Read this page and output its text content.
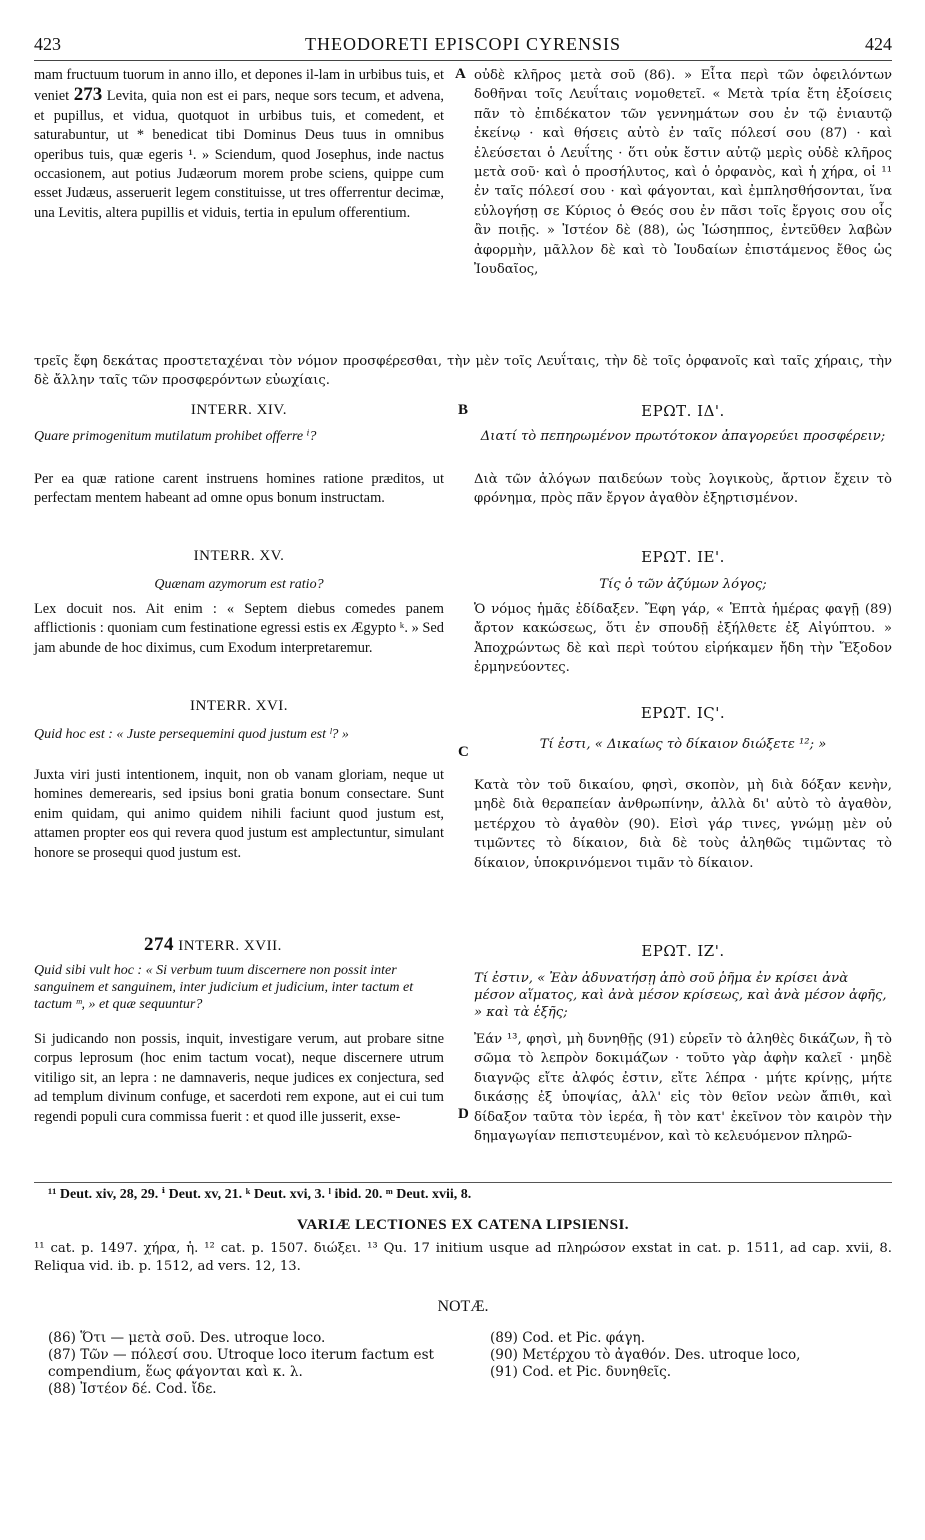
423	THEODORETI EPISCOPI CYRENSIS	424
mam fructuum tuorum in anno illo, et depones il-lam in urbibus tuis, et veniet 273 Levita, quia non est ei pars, neque sors tecum, et advena, et pupillus, et vidua, quotquot in urbibus tuis, et comedent, et saturabuntur, ut * benedicat tibi Dominus Deus tuus in omnibus operibus tuis, quæ egeris ¹. » Sciendum, quod Josephus, inde nactus occasionem, aut potius Judæorum morem probe sciens, quippe cum esset Judæus, asseruerit legem constituisse, ut tres offerrentur decimæ, una Levitis, altera pupillis et viduis, tertia in epulum offerentium.
A οὐδὲ κλῆρος μετὰ σοῦ (86). » Εἶτα περὶ τῶν ὀφειλόντων δοθῆναι τοῖς Λευΐταις νομοθετεῖ. « Μετὰ τρία ἔτη ἐξοίσεις πᾶν τὸ ἐπιδέκατον τῶν γεννημάτων σου ἐν τῷ ἐνιαυτῷ ἐκείνῳ · καὶ θήσεις αὐτὸ ἐν ταῖς πόλεσί σου (87) · καὶ ἐλεύσεται ὁ Λευΐτης · ὅτι οὐκ ἔστιν αὐτῷ μερὶς οὐδὲ κλῆρος μετὰ σοῦ· καὶ ὁ προσήλυτος, καὶ ὁ ὀρφανὸς, καὶ ἡ χήρα, οἱ ¹¹ ἐν ταῖς πόλεσί σου · καὶ φάγονται, καὶ ἐμπλησθήσονται, ἵνα εὐλογήσῃ σε Κύριος ὁ Θεός σου ἐν πᾶσι τοῖς ἔργοις σου οἷς ἂν ποιῇς. » Ἰστέον δὲ (88), ὡς Ἰώσηππος, ἐντεῦθεν λαβὼν ἀφορμὴν, μᾶλλον δὲ καὶ τὸ Ἰουδαίων ἐπιστάμενος ἔθος ὡς Ἰουδαῖος,
τρεῖς ἔφη δεκάτας προστεταχέναι τὸν νόμον προσφέρεσθαι, τὴν μὲν τοῖς Λευΐταις, τὴν δὲ τοῖς ὀρφανοῖς καὶ ταῖς χήραις, τὴν δὲ ἄλλην ταῖς τῶν προσφερόντων εὐωχίαις.
INTERR. XIV.	B	ΕΡΩΤ. ΙΔ'.
Quare primogenitum mutilatum prohibet offerre ⁱ?	Διατί τὸ πεπηρωμένον πρωτότοκον ἀπαγορεύει προσφέρειν;
Per ea quæ ratione carent instruens homines ratione præditos, ut perfectam mentem habeant ad omne opus bonum instructam.
Διὰ τῶν ἀλόγων παιδεύων τοὺς λογικοὺς, ἄρτιον ἔχειν τὸ φρόνημα, πρὸς πᾶν ἔργον ἀγαθὸν ἐξηρτισμένον.
INTERR. XV.	ΕΡΩΤ. ΙΕ'.
Quænam azymorum est ratio?	Τίς ὁ τῶν ἀζύμων λόγος;
Lex docuit nos. Ait enim : « Septem diebus comedes panem afflictionis : quoniam cum festinatione egressi estis ex Ægypto ᵏ. » Sed jam abunde de hoc diximus, cum Exodum interpretaremur.
Ὁ νόμος ἡμᾶς ἐδίδαξεν. Ἔφη γάρ, « Ἑπτὰ ἡμέρας φαγῇ (89) ἄρτον κακώσεως, ὅτι ἐν σπουδῇ ἐξήλθετε ἐξ Αἰγύπτου. » Ἀποχρώντως δὲ καὶ περὶ τούτου εἰρήκαμεν ἤδη τὴν Ἔξοδον ἑρμηνεύοντες.
INTERR. XVI.	ΕΡΩΤ. ΙϚ'.
Quid hoc est : « Juste persequemini quod justum est ˡ? »
C	Τί ἐστι, « Δικαίως τὸ δίκαιον διώξετε ¹²; »
Juxta viri justi intentionem, inquit, non ob vanam gloriam, neque ut homines demerearis, sed ipsius boni gratia bonum consectare. Sunt enim quidam, qui animo quidem nihili faciunt quod justum est, attamen propter eos qui revera quod justum est amplectuntur, simulant honore se prosequi quod justum est.
Κατὰ τὸν τοῦ δικαίου, φησὶ, σκοπὸν, μὴ διὰ δόξαν κενὴν, μηδὲ διὰ θεραπείαν ἀνθρωπίνην, ἀλλὰ δι' αὐτὸ τὸ ἀγαθὸν, μετέρχου τὸ ἀγαθὸν (90). Εἰσὶ γάρ τινες, γνώμῃ μὲν οὐ τιμῶντες τὸ δίκαιον, διὰ δὲ τοὺς ἀληθῶς τιμῶντας τὸ δίκαιον, ὑποκρινόμενοι τιμᾶν τὸ δίκαιον.
274 INTERR. XVII.	ΕΡΩΤ. ΙΖ'.
Quid sibi vult hoc : « Si verbum tuum discernere non possit inter sanguinem et sanguinem, inter judicium et judicium, inter tactum et tactum ᵐ, » et quæ sequuntur?
Τί ἐστιν, « Ἐὰν ἀδυνατήσῃ ἀπὸ σοῦ ῥῆμα ἐν κρίσει ἀνὰ μέσον αἵματος, καὶ ἀνὰ μέσον κρίσεως, καὶ ἀνὰ μέσον ἀφῆς, » καὶ τὰ ἑξῆς;
Si judicando non possis, inquit, investigare verum, aut probare sitne corpus leprosum (hoc enim tactum vocat), neque discernere utrum vitiligo sit, an lepra : ne damnaveris, neque judices ex conjectura, sed ad templum divinum confuge, et sacerdoti rem expone, aut ei cui tum regendi populi cura commissa fuerit : et quod ille jusserit, exse-	D
Ἐάν ¹³, φησὶ, μὴ δυνηθῇς (91) εὑρεῖν τὸ ἀληθὲς δικάζων, ἢ τὸ σῶμα τὸ λεπρὸν δοκιμάζων · τοῦτο γὰρ ἀφὴν καλεῖ · μηδὲ διαγνῷς εἴτε ἀλφός ἐστιν, εἴτε λέπρα · μήτε κρίνῃς, μήτε δικάσῃς ἐξ ὑποψίας, ἀλλ' εἰς τὸν θεῖον νεὼν ἄπιθι, καὶ δίδαξον ταῦτα τὸν ἱερέα, ἢ τὸν κατ' ἐκεῖνον τὸν καιρὸν τὴν δημαγωγίαν πεπιστευμένον, καὶ τὸ κελευόμενον πληρῶ-
¹¹ Deut. xiv, 28, 29. ⁱ Deut. xv, 21. ᵏ Deut. xvi, 3. ˡ ibid. 20. ᵐ Deut. xvii, 8.
VARIÆ LECTIONES EX CATENA LIPSIENSI.
¹¹ cat. p. 1497. χήρα, ἡ. ¹² cat. p. 1507. διώξει. ¹³ Qu. 17 initium usque ad πληρώσον exstat in cat. p. 1511, ad cap. xvii, 8. Reliqua vid. ib. p. 1512, ad vers. 12, 13.
NOTÆ.
(86) Ὅτι — μετὰ σοῦ. Des. utroque loco.
(87) Τῶν — πόλεσί σου. Utroque loco iterum factum est compendium, ἕως φάγονται καὶ κ. λ.
(88) Ἰστέον δέ. Cod. ἴδε.
(89) Cod. et Pic. φάγη.
(90) Μετέρχου τὸ ἀγαθόν. Des. utroque loco,
(91) Cod. et Pic. δυνηθεῖς.
